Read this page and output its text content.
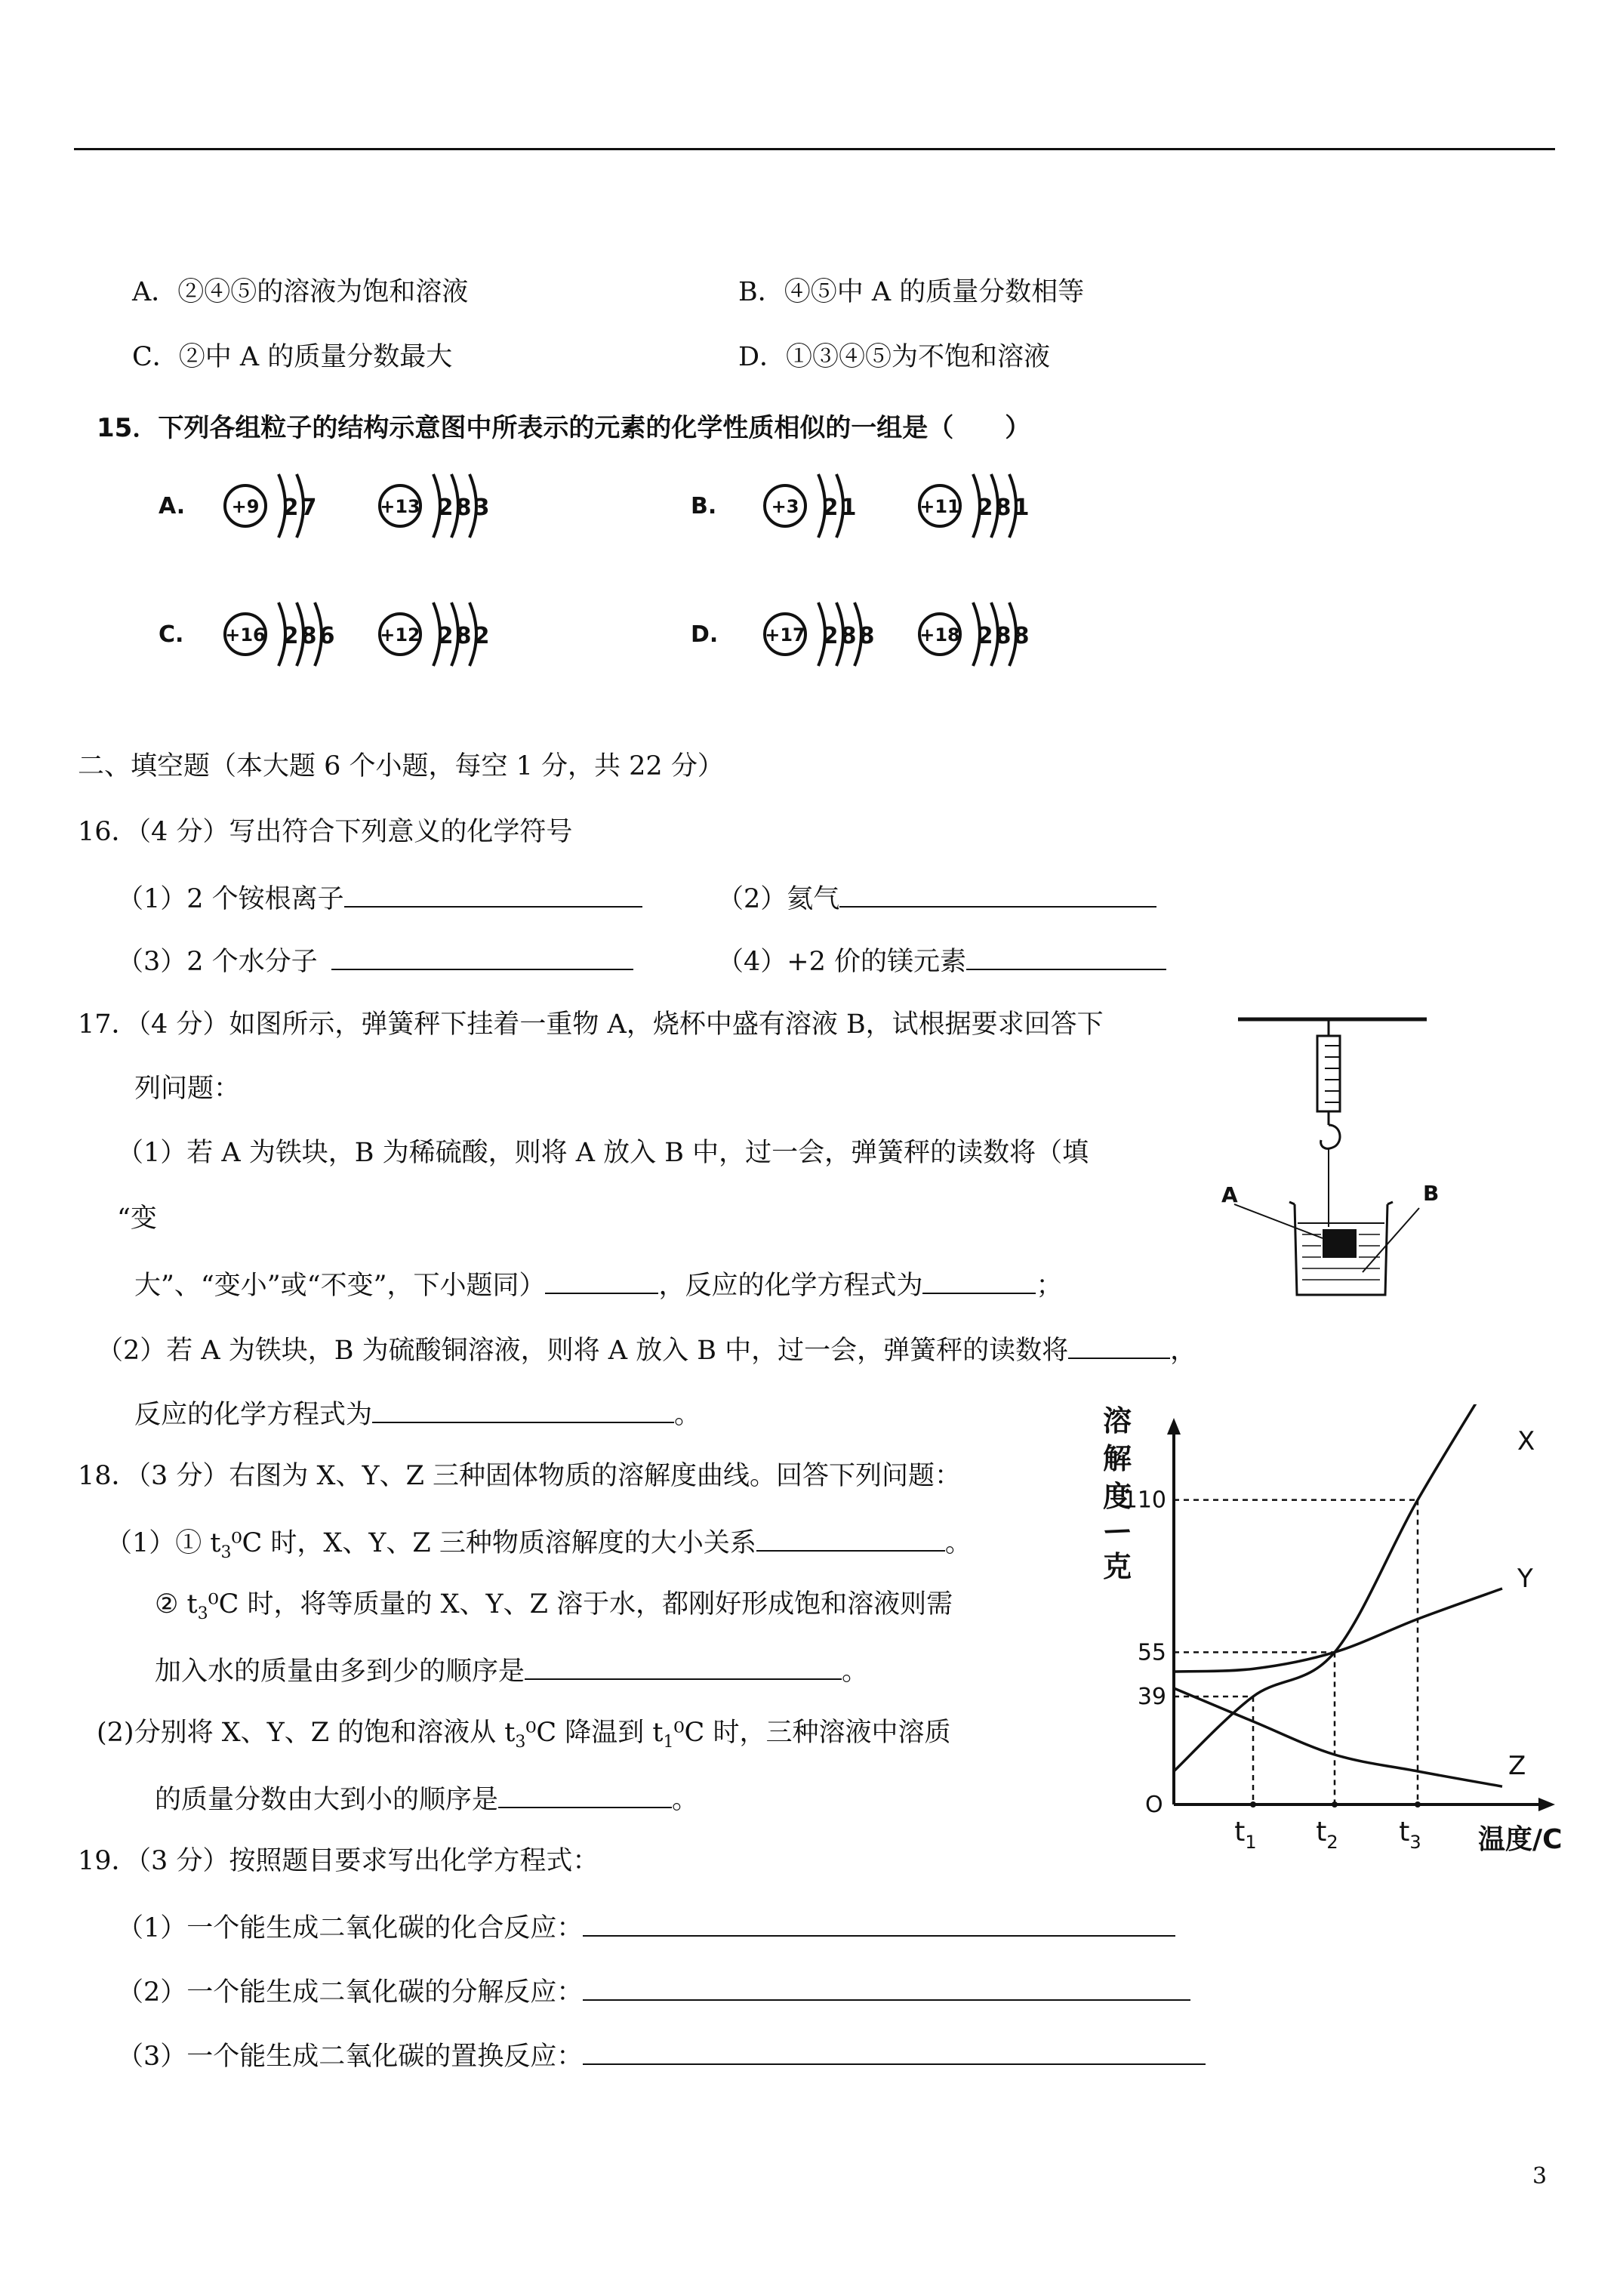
A．②④⑤的溶液为饱和溶液	B．④⑤中 A 的质量分数相等
C．②中 A 的质量分数最大	D．①③④⑤为不饱和溶液
15．下列各组粒子的结构示意图中所表示的元素的化学性质相似的一组是（　　）
A.	+9 2 7	+13 2 8 3	B.	+3 2 1	+11 2 8 1
C. +16 2 8 6 +12 2 8 2	D.	+17 2 8 8 +18 2 8 8
二、填空题（本大题 6 个小题，每空 1 分，共 22 分）
16．（4 分）写出符合下列意义的化学符号
（1）2 个铵根离子	（2）氦气
（3）2 个水分子	（4）+2 价的镁元素
17．（4 分）如图所示，弹簧秤下挂着一重物 A，烧杯中盛有溶液 B，试根据要求回答下
列问题：
（1）若 A 为铁块，B 为稀硫酸，则将 A 放入 B 中，过一会，弹簧秤的读数将（填
“变
大”、“变小”或“不变”，下小题同）	，反应的化学方程式为	；
（2）若 A 为铁块，B 为硫酸铜溶液，则将 A 放入 B 中，过一会，弹簧秤的读数将	，
反应的化学方程式为	。
A	B
18．（3 分）右图为 X、Y、Z 三种固体物质的溶解度曲线。回答下列问题：
（1）① $t_3^0C$ 时，X、Y、Z 三种物质溶解度的大小关系	。
② $t_3^0C$ 时，将等质量的 X、Y、Z 溶于水，都刚好形成饱和溶液则需
加入水的质量由多到少的顺序是	。
(2)分别将 X、Y、Z 的饱和溶液从 $t_3^0C$ 降温到 $t_1^0C$ 时，三种溶液中溶质
的质量分数由大到小的顺序是	。
溶
解
度
/
克
O
39
55
110
$t_1$ $t_2$ $t_3$ 温度/C
X
Y
Z
19．（3 分）按照题目要求写出化学方程式：
（1）一个能生成二氧化碳的化合反应：
（2）一个能生成二氧化碳的分解反应：
（3）一个能生成二氧化碳的置换反应：
3
